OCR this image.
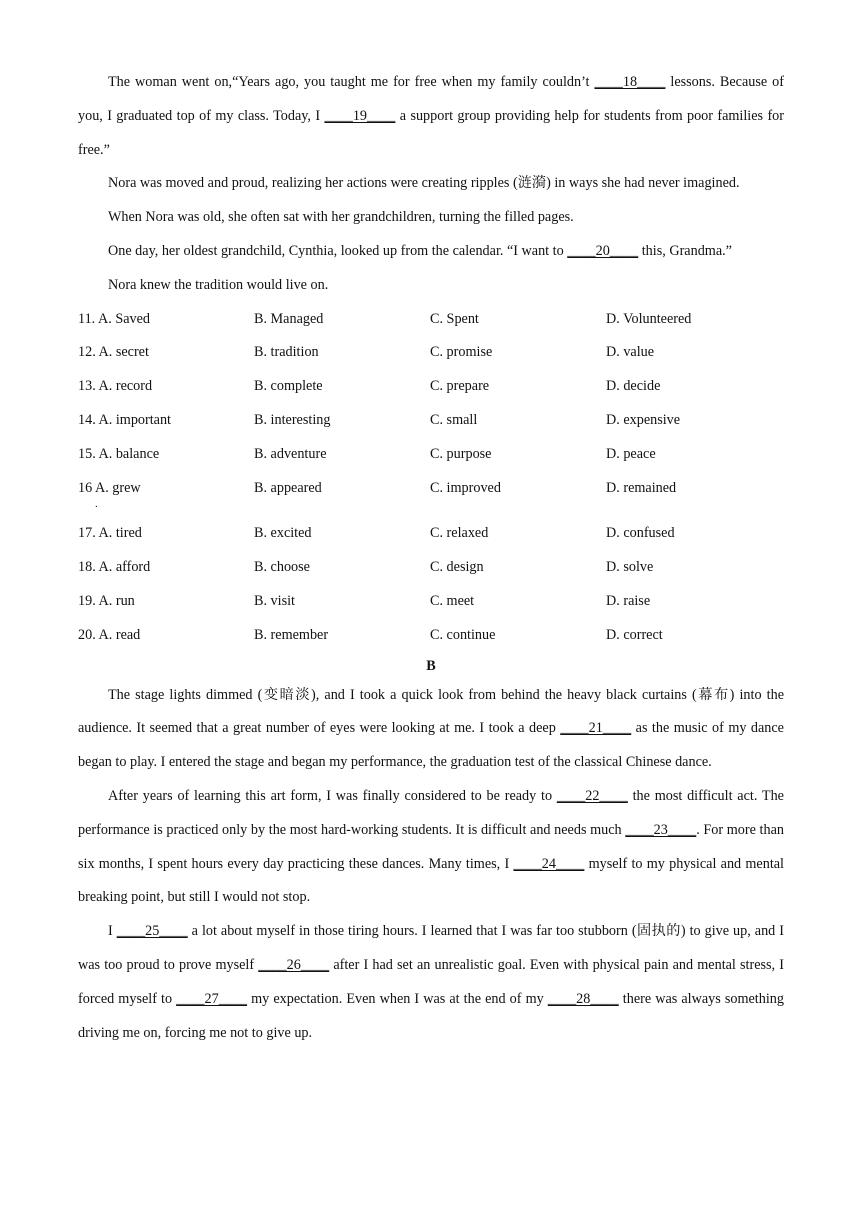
The woman went on,“Years ago, you taught me for free when my family couldn’t ____18____ lessons. Because of you, I graduated top of my class. Today, I ____19____ a support group providing help for students from poor families for free.”

Nora was moved and proud, realizing her actions were creating ripples (涟漪) in ways she had never imagined.

When Nora was old, she often sat with her grandchildren, turning the filled pages.

One day, her oldest grandchild, Cynthia, looked up from the calendar. “I want to ____20____ this, Grandma.”

Nora knew the tradition would live on.

11. A. Saved	B. Managed	C. Spent	D. Volunteered
12. A. secret	B. tradition	C. promise	D. value
13. A. record	B. complete	C. prepare	D. decide
14. A. important	B. interesting	C. small	D. expensive
15. A. balance	B. adventure	C. purpose	D. peace
16 A. grew	B. appeared	C. improved	D. remained
.
17. A. tired	B. excited	C. relaxed	D. confused
18. A. afford	B. choose	C. design	D. solve
19. A. run	B. visit	C. meet	D. raise
20. A. read	B. remember	C. continue	D. correct
B

The stage lights dimmed (变暗淡), and I took a quick look from behind the heavy black curtains (幕布) into the audience. It seemed that a great number of eyes were looking at me. I took a deep ____21____ as the music of my dance began to play. I entered the stage and began my performance, the graduation test of the classical Chinese dance.

After years of learning this art form, I was finally considered to be ready to ____22____ the most difficult act. The performance is practiced only by the most hard-working students. It is difficult and needs much ____23____. For more than six months, I spent hours every day practicing these dances. Many times, I ____24____ myself to my physical and mental breaking point, but still I would not stop.

I ____25____ a lot about myself in those tiring hours. I learned that I was far too stubborn (固执的) to give up, and I was too proud to prove myself ____26____ after I had set an unrealistic goal. Even with physical pain and mental stress, I forced myself to ____27____ my expectation. Even when I was at the end of my ____28____ there was always something driving me on, forcing me not to give up.
